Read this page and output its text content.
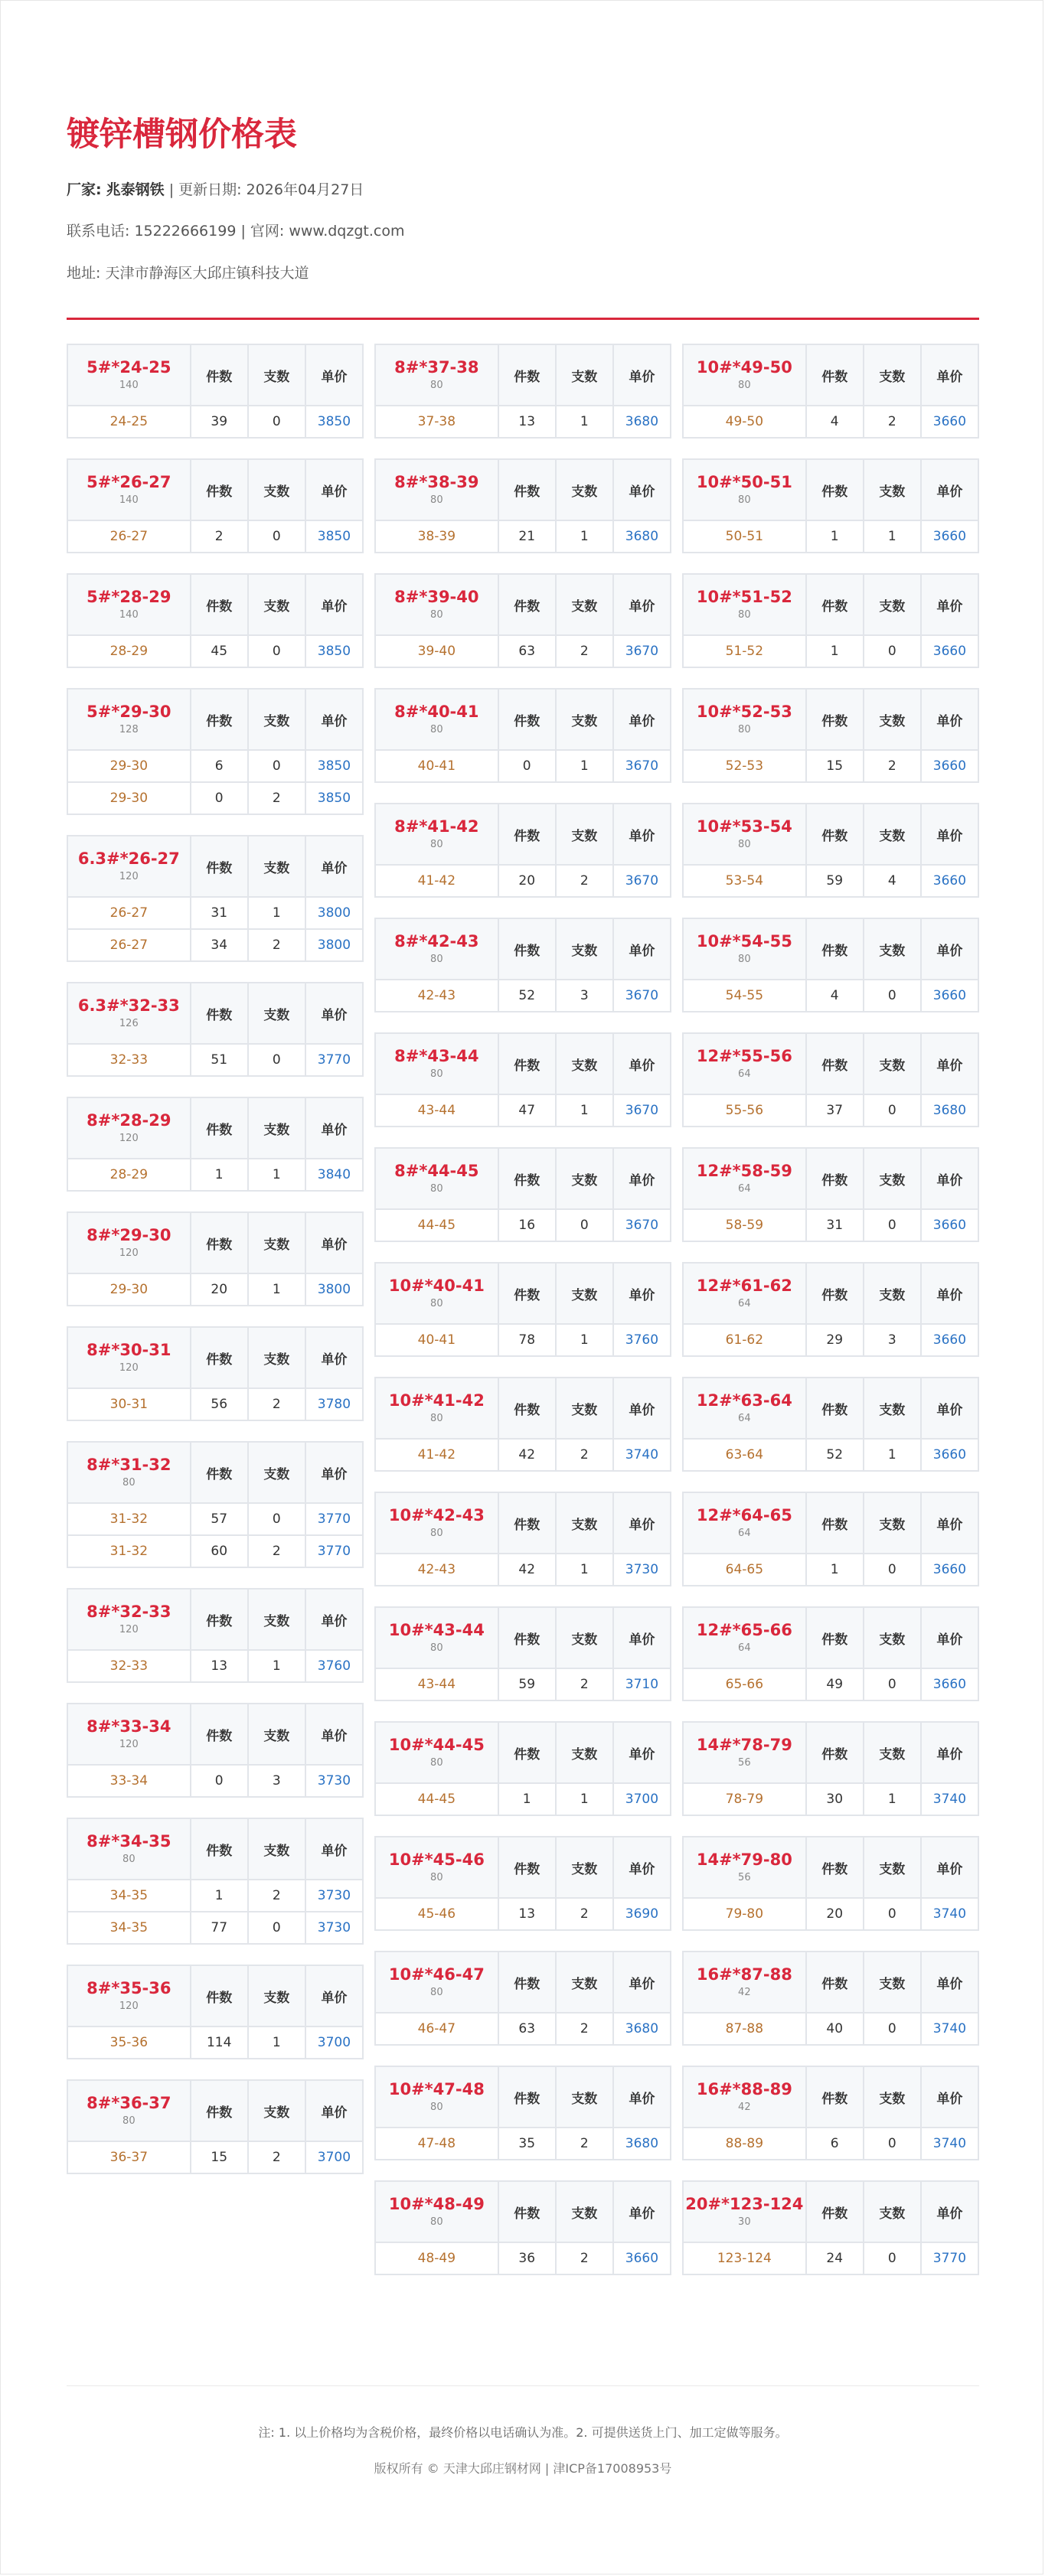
镀锌槽钢价格表
厂家: 兆泰钢铁 | 更新日期: 2026年04月27日
联系电话: 15222666199 | 官网: www.dqzgt.com
地址: 天津市静海区大邱庄镇科技大道
5#*24-25
140	件数	支数	单价
24-25	39	0	3850
5#*26-27
140	件数	支数	单价
26-27	2	0	3850
5#*28-29
140	件数	支数	单价
28-29	45	0	3850
5#*29-30
128	件数	支数	单价
29-30	6	0	3850
29-30	0	2	3850
6.3#*26-27
120	件数	支数	单价
26-27	31	1	3800
26-27	34	2	3800
6.3#*32-33
126	件数	支数	单价
32-33	51	0	3770
8#*28-29
120	件数	支数	单价
28-29	1	1	3840
8#*29-30
120	件数	支数	单价
29-30	20	1	3800
8#*30-31
120	件数	支数	单价
30-31	56	2	3780
8#*31-32
80	件数	支数	单价
31-32	57	0	3770
31-32	60	2	3770
8#*32-33
120	件数	支数	单价
32-33	13	1	3760
8#*33-34
120	件数	支数	单价
33-34	0	3	3730
8#*34-35
80	件数	支数	单价
34-35	1	2	3730
34-35	77	0	3730
8#*35-36
120	件数	支数	单价
35-36	114	1	3700
8#*36-37
80	件数	支数	单价
36-37	15	2	3700
8#*37-38
80	件数	支数	单价
37-38	13	1	3680
8#*38-39
80	件数	支数	单价
38-39	21	1	3680
8#*39-40
80	件数	支数	单价
39-40	63	2	3670
8#*40-41
80	件数	支数	单价
40-41	0	1	3670
8#*41-42
80	件数	支数	单价
41-42	20	2	3670
8#*42-43
80	件数	支数	单价
42-43	52	3	3670
8#*43-44
80	件数	支数	单价
43-44	47	1	3670
8#*44-45
80	件数	支数	单价
44-45	16	0	3670
10#*40-41
80	件数	支数	单价
40-41	78	1	3760
10#*41-42
80	件数	支数	单价
41-42	42	2	3740
10#*42-43
80	件数	支数	单价
42-43	42	1	3730
10#*43-44
80	件数	支数	单价
43-44	59	2	3710
10#*44-45
80	件数	支数	单价
44-45	1	1	3700
10#*45-46
80	件数	支数	单价
45-46	13	2	3690
10#*46-47
80	件数	支数	单价
46-47	63	2	3680
10#*47-48
80	件数	支数	单价
47-48	35	2	3680
10#*48-49
80	件数	支数	单价
48-49	36	2	3660
10#*49-50
80	件数	支数	单价
49-50	4	2	3660
10#*50-51
80	件数	支数	单价
50-51	1	1	3660
10#*51-52
80	件数	支数	单价
51-52	1	0	3660
10#*52-53
80	件数	支数	单价
52-53	15	2	3660
10#*53-54
80	件数	支数	单价
53-54	59	4	3660
10#*54-55
80	件数	支数	单价
54-55	4	0	3660
12#*55-56
64	件数	支数	单价
55-56	37	0	3680
12#*58-59
64	件数	支数	单价
58-59	31	0	3660
12#*61-62
64	件数	支数	单价
61-62	29	3	3660
12#*63-64
64	件数	支数	单价
63-64	52	1	3660
12#*64-65
64	件数	支数	单价
64-65	1	0	3660
12#*65-66
64	件数	支数	单价
65-66	49	0	3660
14#*78-79
56	件数	支数	单价
78-79	30	1	3740
14#*79-80
56	件数	支数	单价
79-80	20	0	3740
16#*87-88
42	件数	支数	单价
87-88	40	0	3740
16#*88-89
42	件数	支数	单价
88-89	6	0	3740
20#*123-124
30	件数	支数	单价
123-124	24	0	3770
注: 1. 以上价格均为含税价格，最终价格以电话确认为准。2. 可提供送货上门、加工定做等服务。
版权所有 © 天津大邱庄钢材网 | 津ICP备17008953号
